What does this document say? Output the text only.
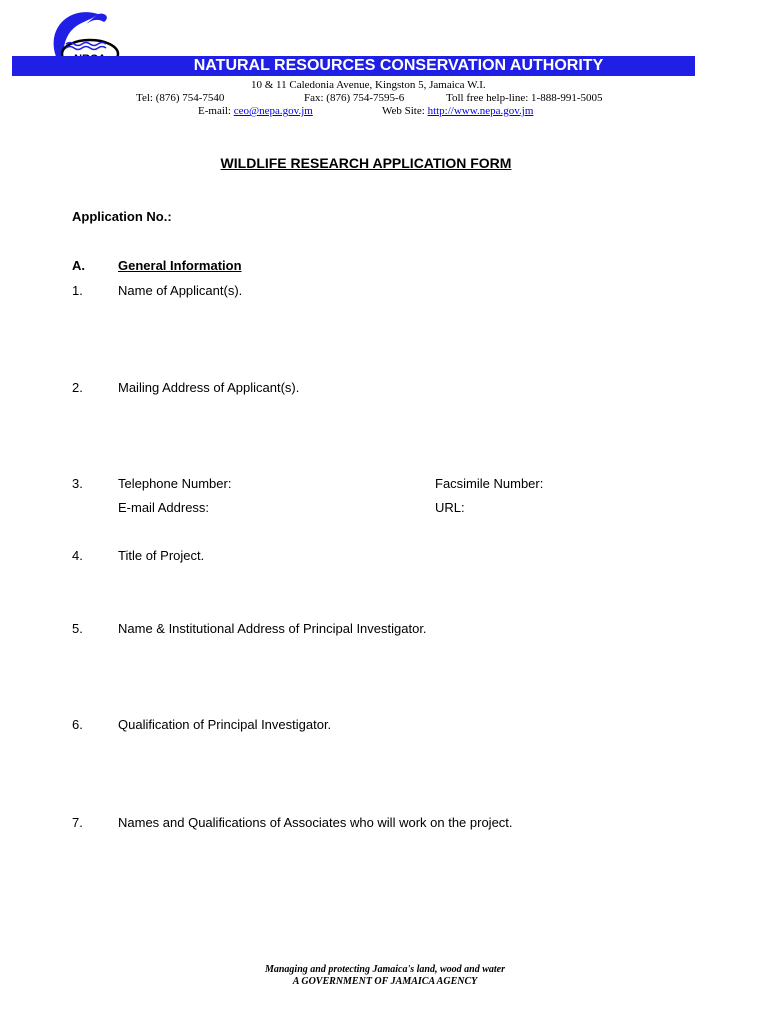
NATURAL RESOURCES CONSERVATION AUTHORITY
10 & 11 Caledonia Avenue, Kingston 5, Jamaica W.I.
Tel: (876) 754-7540	Fax: (876) 754-7595-6	Toll free help-line: 1-888-991-5005
E-mail: ceo@nepa.gov.jm	Web Site: http://www.nepa.gov.jm
WILDLIFE RESEARCH APPLICATION FORM
Application No.:
A.	General Information
1.	Name of Applicant(s).
2.	Mailing Address of Applicant(s).
3.	Telephone Number:	Facsimile Number:
E-mail Address:	URL:
4.	Title of Project.
5.	Name & Institutional Address of Principal Investigator.
6.	Qualification of Principal Investigator.
7.	Names and Qualifications of Associates who will work on the project.
Managing and protecting Jamaica's land, wood and water
A GOVERNMENT OF JAMAICA AGENCY
